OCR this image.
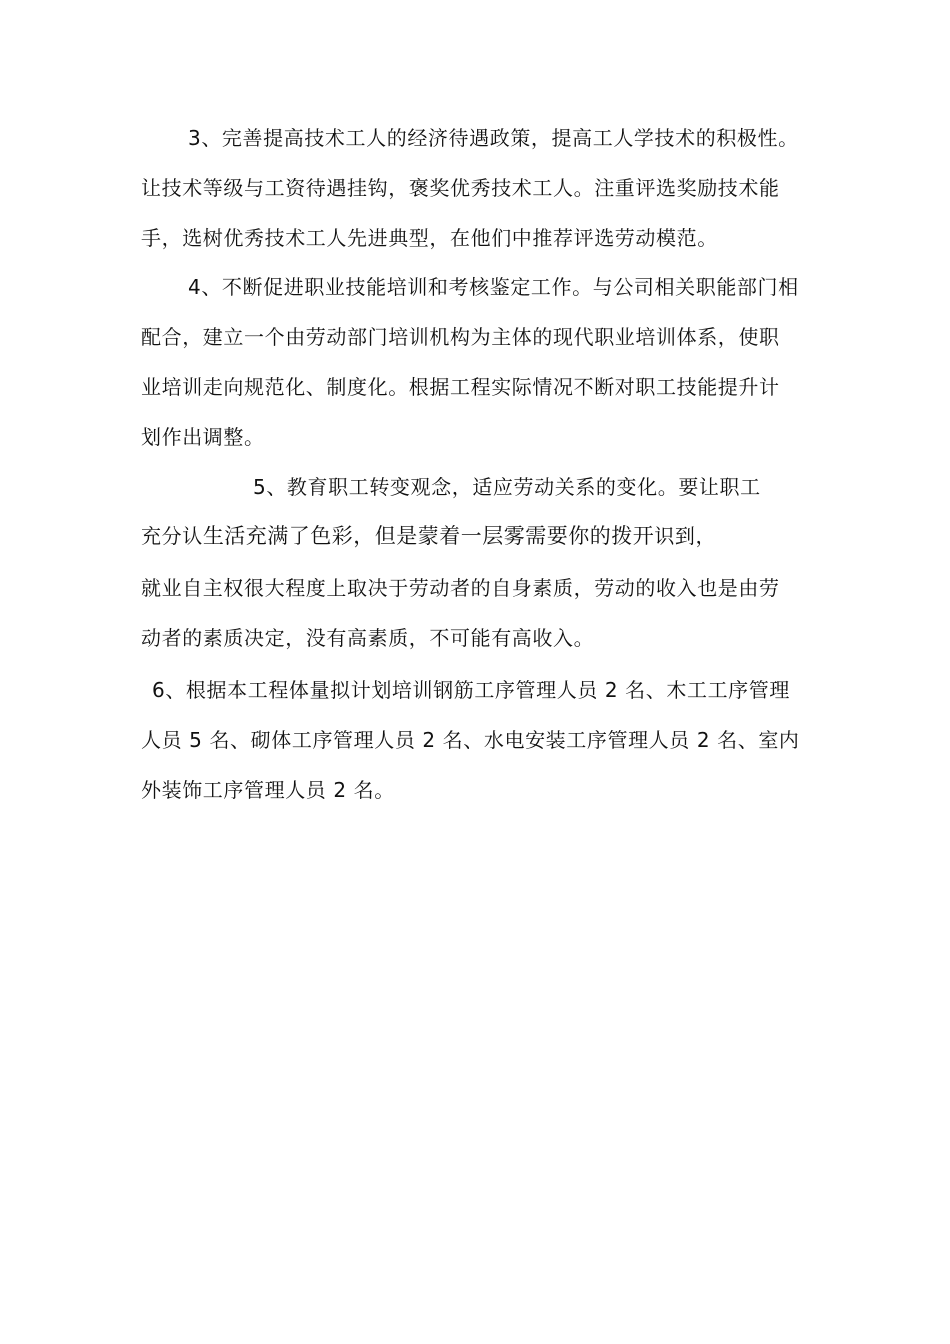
3、完善提高技术工人的经济待遇政策，提高工人学技术的积极性。
让技术等级与工资待遇挂钩，褒奖优秀技术工人。注重评选奖励技术能
手，选树优秀技术工人先进典型，在他们中推荐评选劳动模范。
4、不断促进职业技能培训和考核鉴定工作。与公司相关职能部门相
配合，建立一个由劳动部门培训机构为主体的现代职业培训体系，使职
业培训走向规范化、制度化。根据工程实际情况不断对职工技能提升计
划作出调整。
5、教育职工转变观念，适应劳动关系的变化。要让职工
充分认生活充满了色彩，但是蒙着一层雾需要你的拨开识到，
就业自主权很大程度上取决于劳动者的自身素质，劳动的收入也是由劳
动者的素质决定，没有高素质，不可能有高收入。
6、根据本工程体量拟计划培训钢筋工序管理人员 2 名、木工工序管理
人员 5 名、砌体工序管理人员 2 名、水电安装工序管理人员 2 名、室内
外装饰工序管理人员 2 名。
